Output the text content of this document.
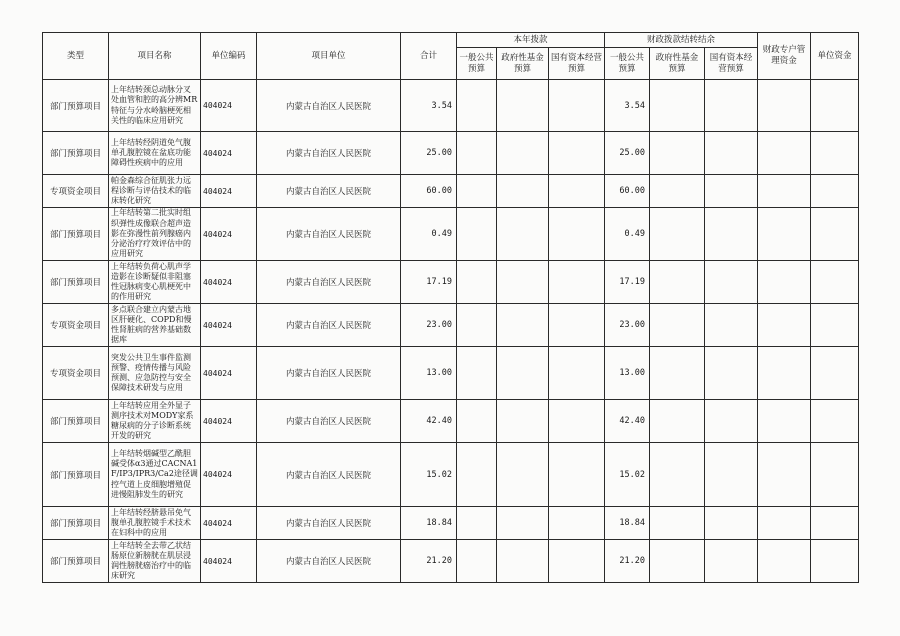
类型	项目名称	单位编码	项目单位	合计	本年拨款			财政拨款结转结余			财政专户管理资金	单位资金
					一般公共预算	政府性基金预算	国有资本经营预算	一般公共预算	政府性基金预算	国有资本经营预算		
部门预算项目	上年结转颈总动脉分叉处血管和腔的高分辨MR特征与分水岭脑梗死相关性的临床应用研究	404024	内蒙古自治区人民医院	3.54				3.54				
部门预算项目	上年结转经阴道免气腹单孔腹腔镜在盆底功能障碍性疾病中的应用	404024	内蒙古自治区人民医院	25.00				25.00				
专项资金项目	帕金森综合征肌张力远程诊断与评估技术的临床转化研究	404024	内蒙古自治区人民医院	60.00				60.00				
部门预算项目	上年结转第二批实时组织弹性成像联合超声造影在弥漫性前列腺癌内分泌治疗疗效评估中的应用研究	404024	内蒙古自治区人民医院	0.49				0.49				
部门预算项目	上年结转负荷心肌声学造影在诊断疑似非阻塞性冠脉病变心肌梗死中的作用研究	404024	内蒙古自治区人民医院	17.19				17.19				
专项资金项目	多点联合建立内蒙古地区肝硬化、COPD和慢性肾脏病的营养基础数据库	404024	内蒙古自治区人民医院	23.00				23.00				
专项资金项目	突发公共卫生事件监测预警、疫情传播与风险预测、应急防控与安全保障技术研发与应用	404024	内蒙古自治区人民医院	13.00				13.00				
部门预算项目	上年结转应用全外显子测序技术对MODY家系糖尿病的分子诊断系统开发的研究	404024	内蒙古自治区人民医院	42.40				42.40				
部门预算项目	上年结转烟碱型乙酰胆碱受体α3通过CACNA1F/IP3/IPR3/Ca2途径调控气道上皮细胞增殖促进慢阻肺发生的研究	404024	内蒙古自治区人民医院	15.02				15.02				
部门预算项目	上年结转经脐悬吊免气腹单孔腹腔镜手术技术在妇科中的应用	404024	内蒙古自治区人民医院	18.84				18.84				
部门预算项目	上年结转全去带乙状结肠原位新膀胱在肌层浸润性膀胱癌治疗中的临床研究	404024	内蒙古自治区人民医院	21.20				21.20				
